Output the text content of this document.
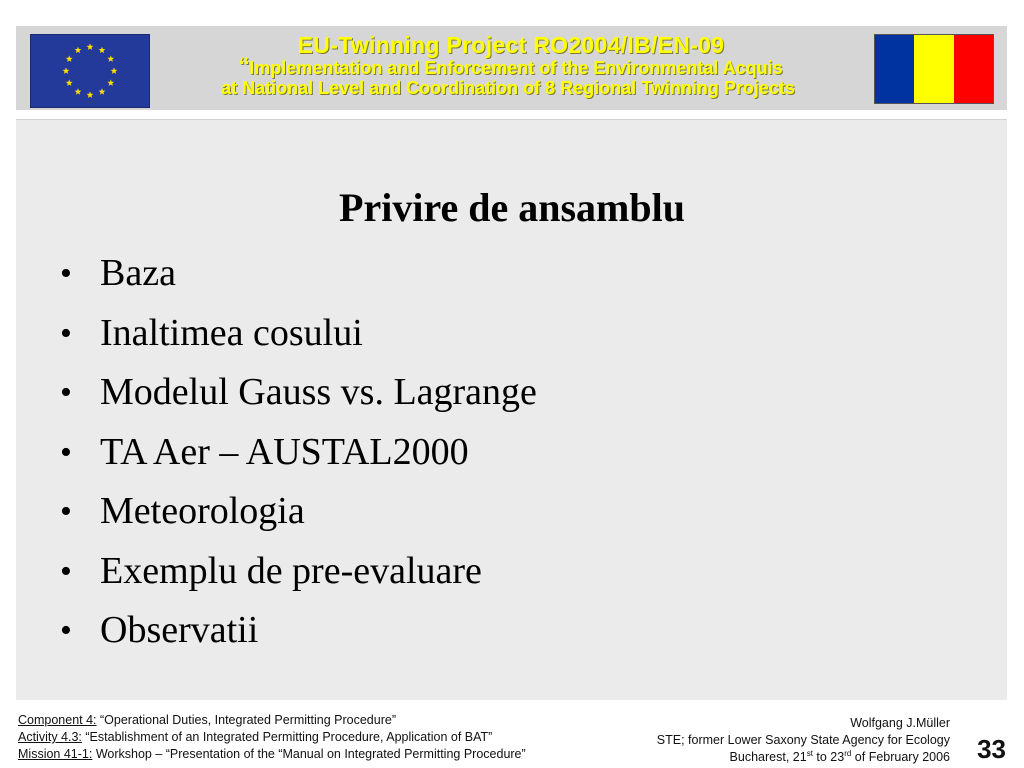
EU-Twinning Project RO2004/IB/EN-09
“Implementation and Enforcement of the Environmental Acquis
at National Level and Coordination of 8 Regional Twinning Projects
Privire de ansamblu
• Baza
• Inaltimea cosului
• Modelul Gauss vs. Lagrange
• TA Aer – AUSTAL2000
• Meteorologia
• Exemplu de pre-evaluare
• Observatii
Component 4: “Operational Duties, Integrated Permitting Procedure”
Activity 4.3: “Establishment of an Integrated Permitting Procedure, Application of BAT”
Mission 41-1: Workshop – “Presentation of the “Manual on Integrated Permitting Procedure”
Wolfgang J.Müller
STE; former Lower Saxony State Agency for Ecology
Bucharest, 21st to 23rd of February 2006 33
